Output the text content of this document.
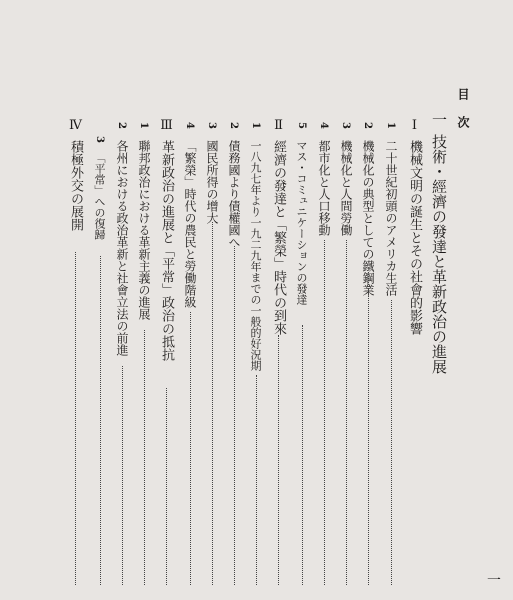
目　次
一
技術・經濟の發達と革新政治の進展
Ⅰ
機械文明の誕生とその社會的影響
1
二十世紀初頭のアメリカ生活
2
機械化の典型としての鐵鋼業
3
機械化と人間勞働
4
都市化と人口移動
5
マス・コミュニケーションの發達
Ⅱ
經濟の發達と「繁榮」時代の到來
1
一八九七年より一九二九年までの一般的好況期
2
債務國より債權國へ
3
國民所得の增大
4
「繁榮」時代の農民と勞働階級
Ⅲ
革新政治の進展と「平常」政治の抵抗
1
聯邦政治における革新主義の進展
2
各州における政治革新と社會立法の前進
3
「平常」への復歸
Ⅳ
積極外交の展開
一
